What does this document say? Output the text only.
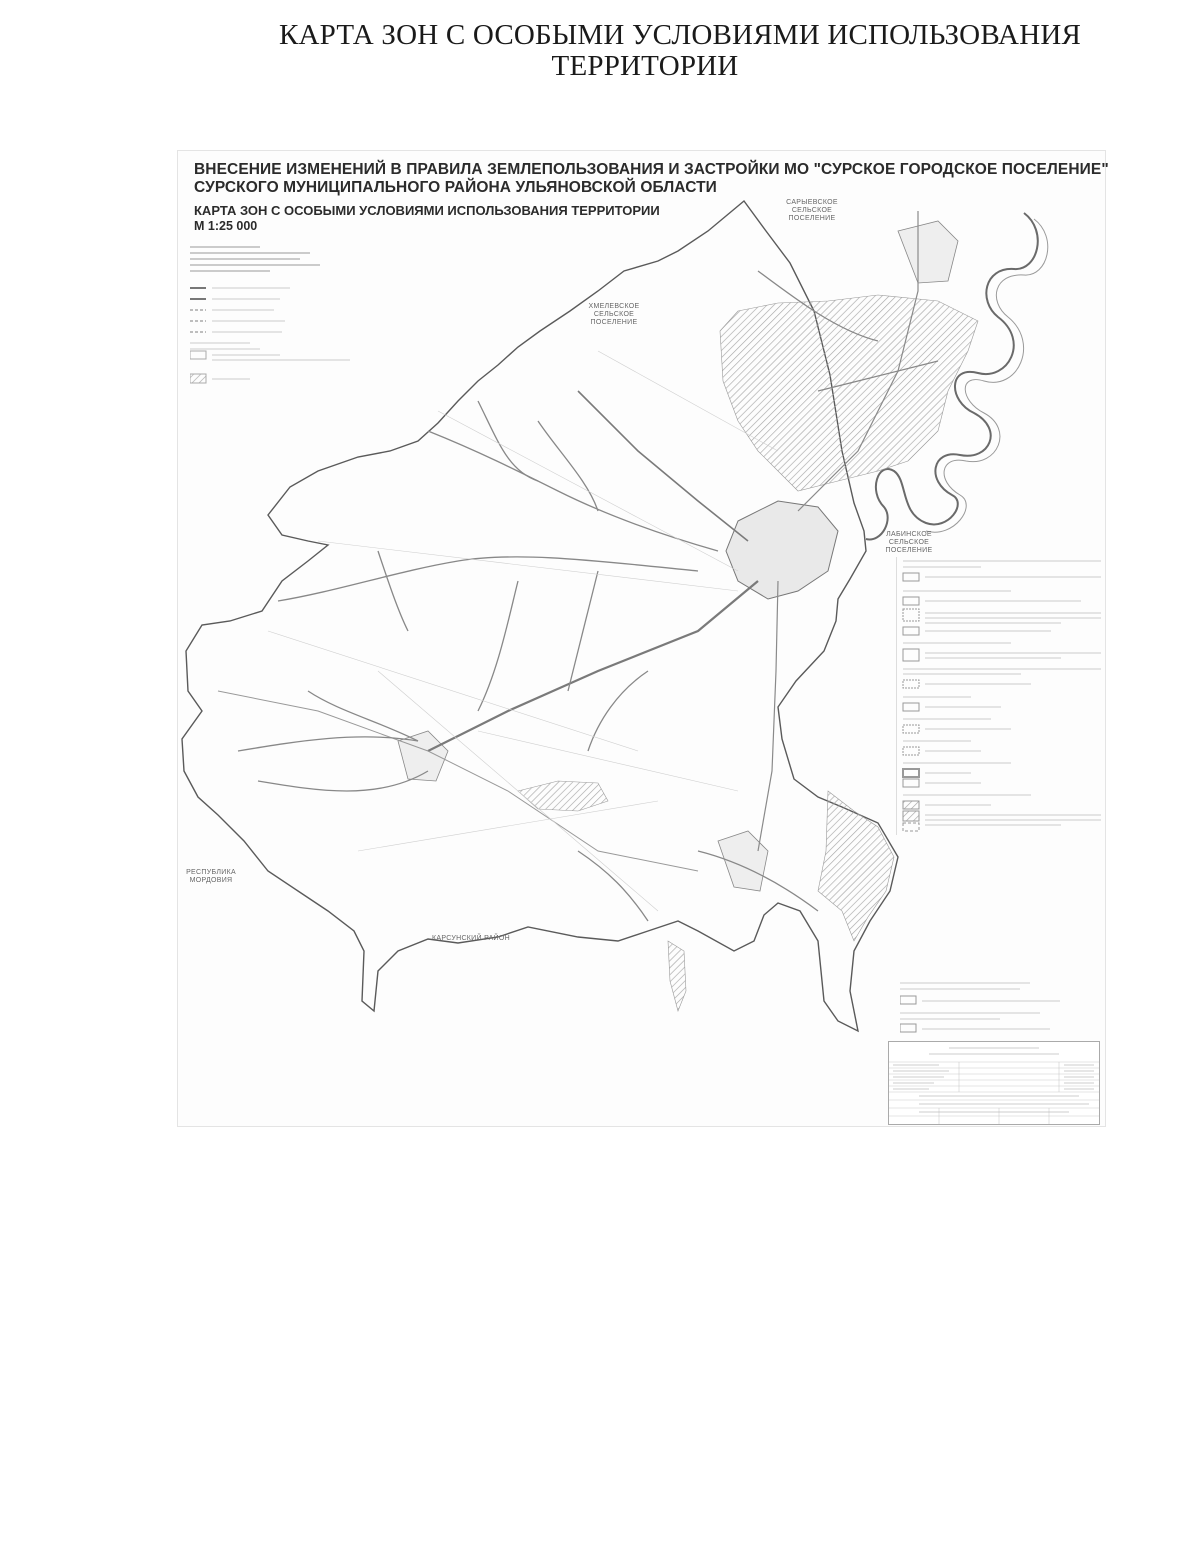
КАРТА ЗОН С ОСОБЫМИ УСЛОВИЯМИ ИСПОЛЬЗОВАНИЯ
ТЕРРИТОРИИ
ВНЕСЕНИЕ ИЗМЕНЕНИЙ В ПРАВИЛА ЗЕМЛЕПОЛЬЗОВАНИЯ И ЗАСТРОЙКИ МО "СУРСКОЕ ГОРОДСКОЕ ПОСЕЛЕНИЕ"
СУРСКОГО МУНИЦИПАЛЬНОГО РАЙОНА УЛЬЯНОВСКОЙ ОБЛАСТИ
КАРТА ЗОН С ОСОБЫМИ УСЛОВИЯМИ ИСПОЛЬЗОВАНИЯ ТЕРРИТОРИИ
М 1:25 000
САРЫЕВСКОЕ СЕЛЬСКОЕ ПОСЕЛЕНИЕ
ХМЕЛЕВСКОЕ СЕЛЬСКОЕ ПОСЕЛЕНИЕ
ЛАБИНСКОЕ СЕЛЬСКОЕ ПОСЕЛЕНИЕ
РЕСПУБЛИКА МОРДОВИЯ
КАРСУНСКИЙ РАЙОН
